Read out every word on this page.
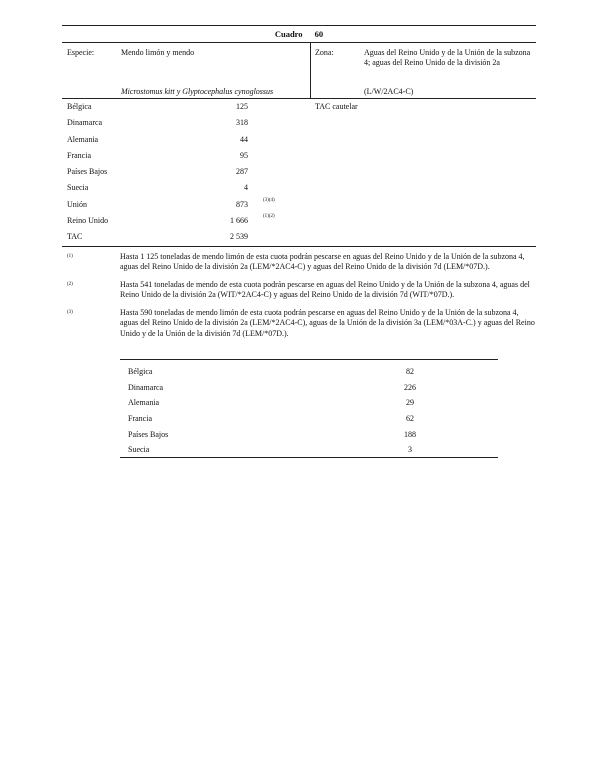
Cuadro 60
Especie:	Mendo limón y mendo
Microstomus kitt y Glyptocephalus cynoglossus
Zona:	Aguas del Reino Unido y de la Unión de la subzona 4; aguas del Reino Unido de la división 2a
(L/W/2AC4-C)
Bélgica	125	TAC cautelar
Dinamarca	318
Alemania	44
Francia	95
Países Bajos	287
Suecia	4
Unión	873	(3)(4)
Reino Unido	1 666	(1)(2)
TAC	2 539
(1)	Hasta 1 125 toneladas de mendo limón de esta cuota podrán pescarse en aguas del Reino Unido y de la Unión de la subzona 4, aguas del Reino Unido de la división 2a (LEM/*2AC4-C) y aguas del Reino Unido de la división 7d (LEM/*07D.).
(2)	Hasta 541 toneladas de mendo de esta cuota podrán pescarse en aguas del Reino Unido y de la Unión de la subzona 4, aguas del Reino Unido de la división 2a (WIT/*2AC4-C) y aguas del Reino Unido de la división 7d (WIT/*07D.).
(3)	Hasta 590 toneladas de mendo limón de esta cuota podrán pescarse en aguas del Reino Unido y de la Unión de la subzona 4, aguas del Reino Unido de la división 2a (LEM/*2AC4-C), aguas de la Unión de la división 3a (LEM/*03A-C.) y aguas del Reino Unido y de la Unión de la división 7d (LEM/*07D.).
Bélgica	82
Dinamarca	226
Alemania	29
Francia	62
Países Bajos	188
Suecia	3
